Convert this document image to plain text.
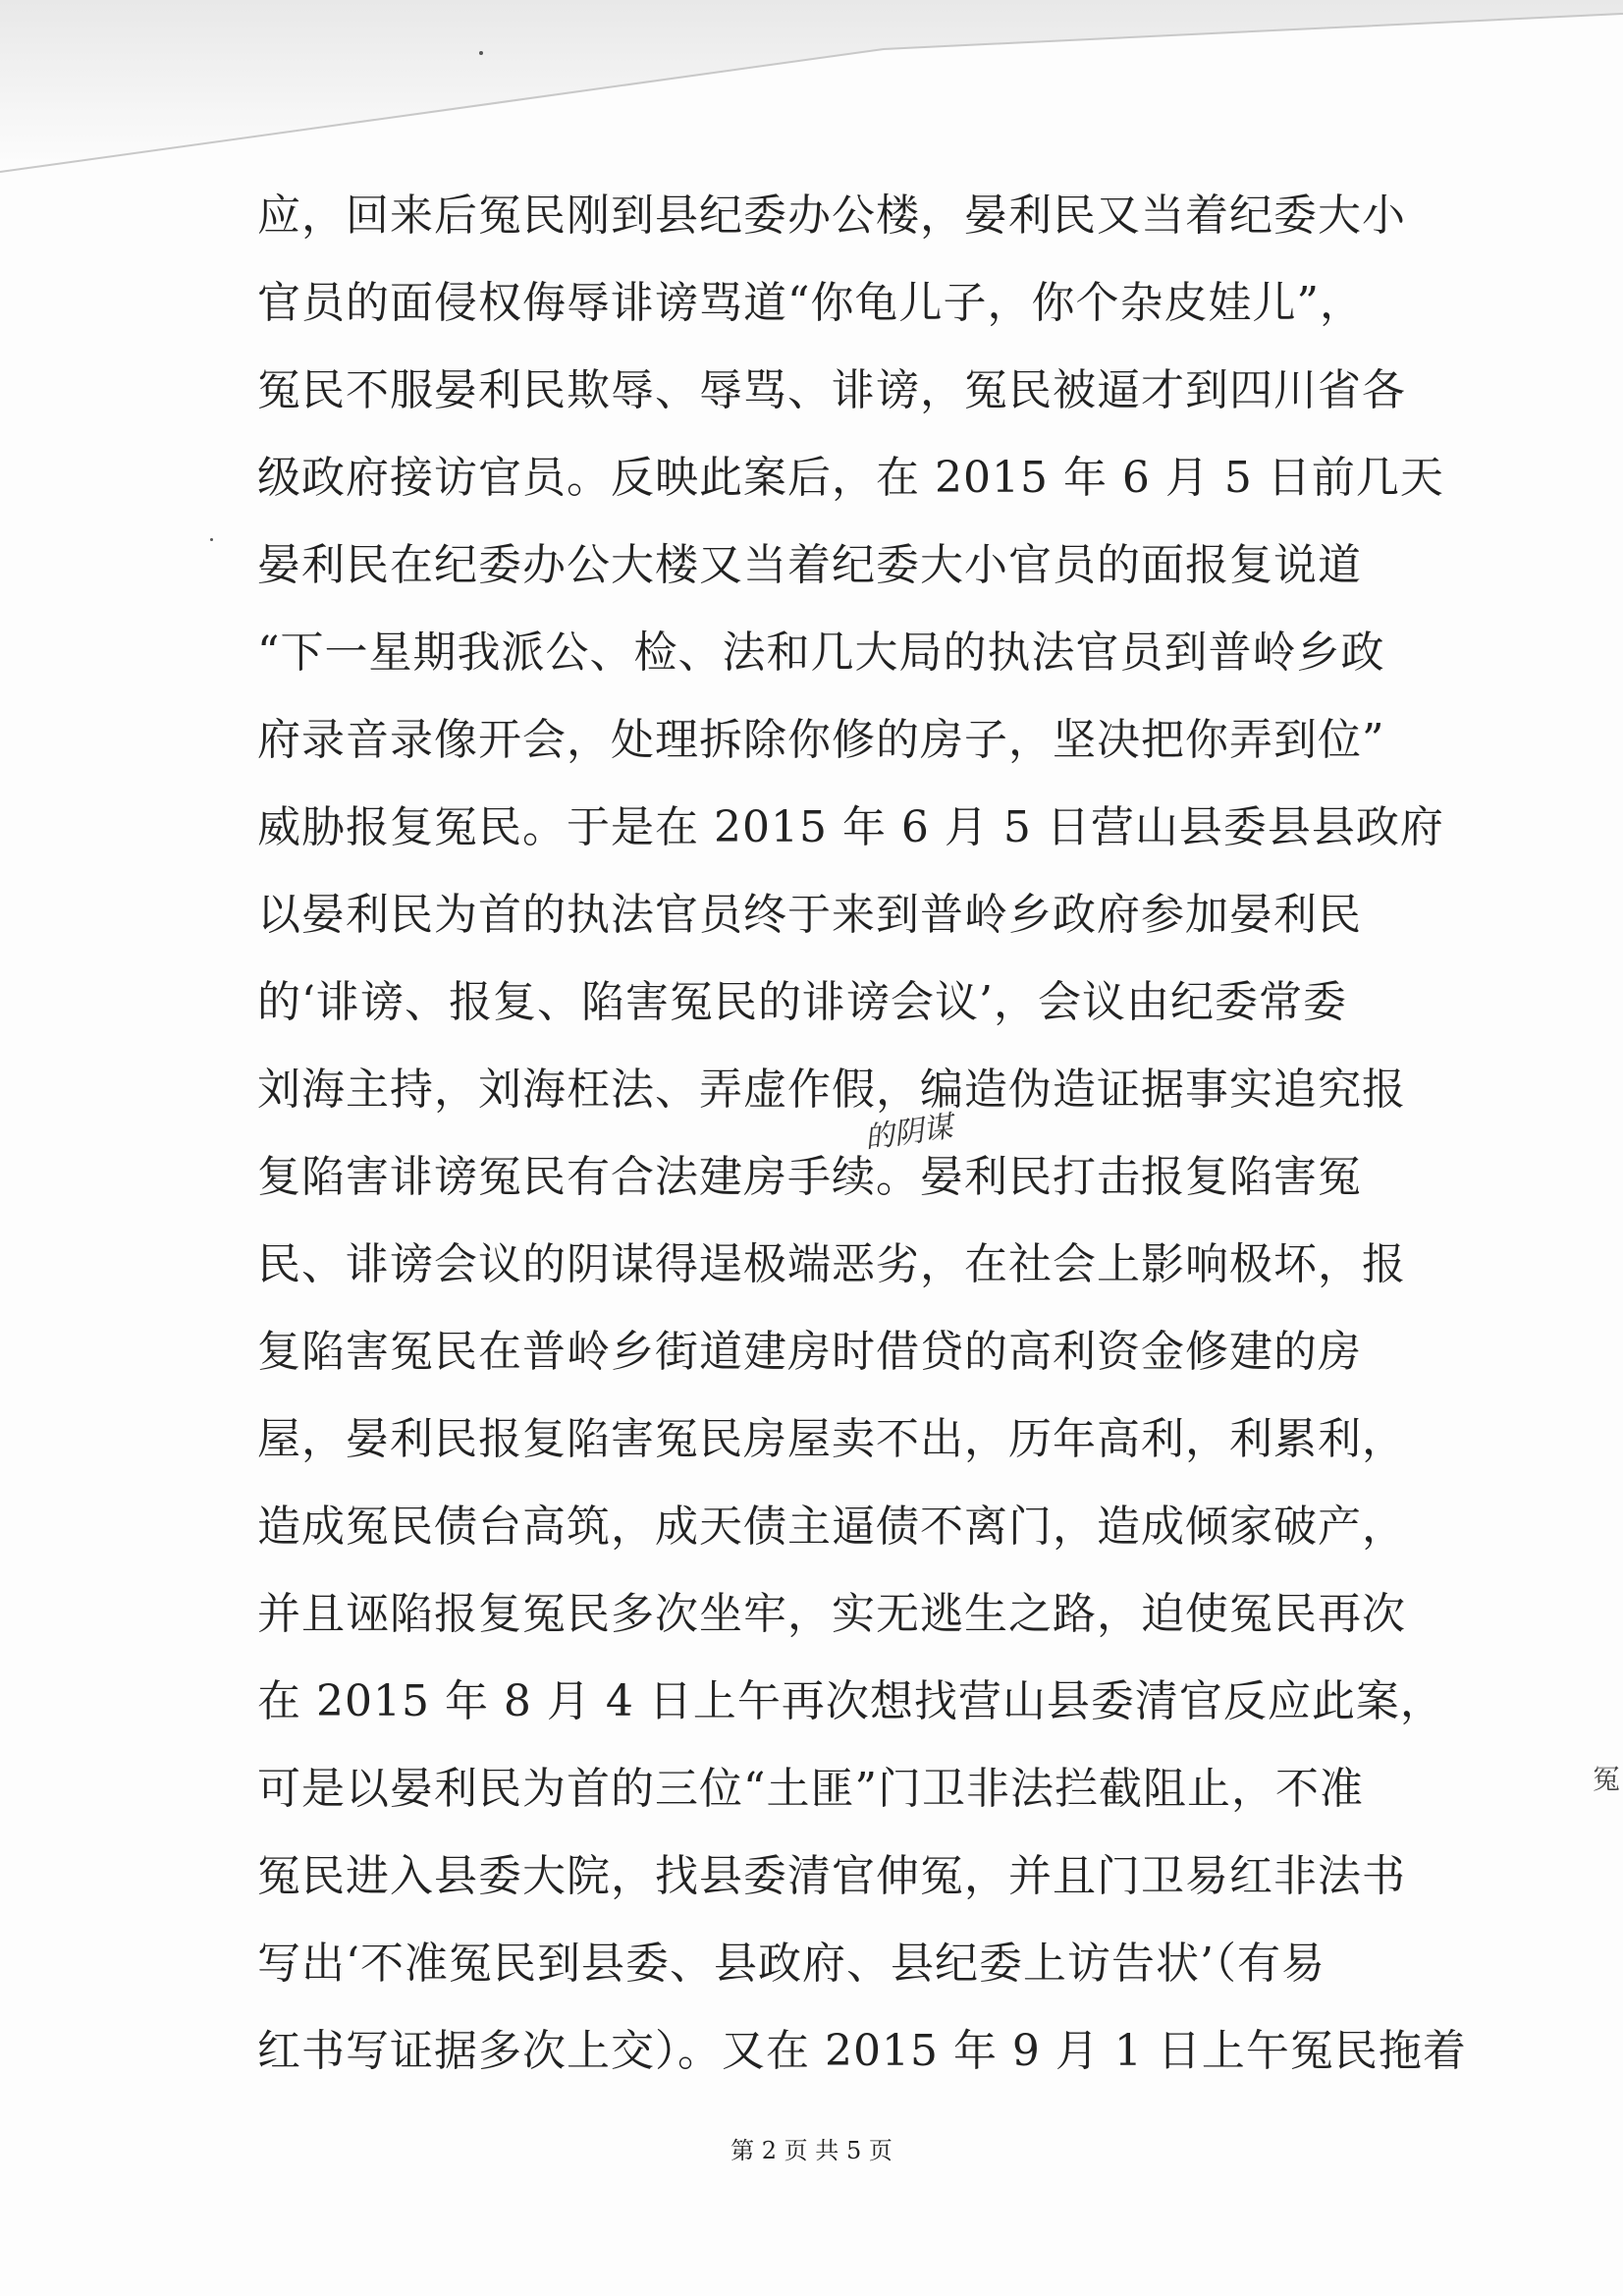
应，回来后冤民刚到县纪委办公楼，晏利民又当着纪委大小
官员的面侵权侮辱诽谤骂道“你龟儿子，你个杂皮娃儿”，
冤民不服晏利民欺辱、辱骂、诽谤，冤民被逼才到四川省各
级政府接访官员。反映此案后，在 2015 年 6 月 5 日前几天
晏利民在纪委办公大楼又当着纪委大小官员的面报复说道
“下一星期我派公、检、法和几大局的执法官员到普岭乡政
府录音录像开会，处理拆除你修的房子，坚决把你弄到位”
威胁报复冤民。于是在 2015 年 6 月 5 日营山县委县县政府
以晏利民为首的执法官员终于来到普岭乡政府参加晏利民
的‘诽谤、报复、陷害冤民的诽谤会议’，会议由纪委常委
刘海主持，刘海枉法、弄虚作假，编造伪造证据事实追究报
复陷害诽谤冤民有合法建房手续。晏利民打击报复陷害冤
民、诽谤会议的阴谋得逞极端恶劣，在社会上影响极坏，报
复陷害冤民在普岭乡街道建房时借贷的高利资金修建的房
屋，晏利民报复陷害冤民房屋卖不出，历年高利，利累利，
造成冤民债台高筑，成天债主逼债不离门，造成倾家破产，
并且诬陷报复冤民多次坐牢，实无逃生之路，迫使冤民再次
在 2015 年 8 月 4 日上午再次想找营山县委清官反应此案，
可是以晏利民为首的三位“土匪”门卫非法拦截阻止，不准
冤民进入县委大院，找县委清官伸冤，并且门卫易红非法书
写出‘不准冤民到县委、县政府、县纪委上访告状’（有易
红书写证据多次上交）。又在 2015 年 9 月 1 日上午冤民拖着
的阴谋
冤
第 2 页 共 5 页
